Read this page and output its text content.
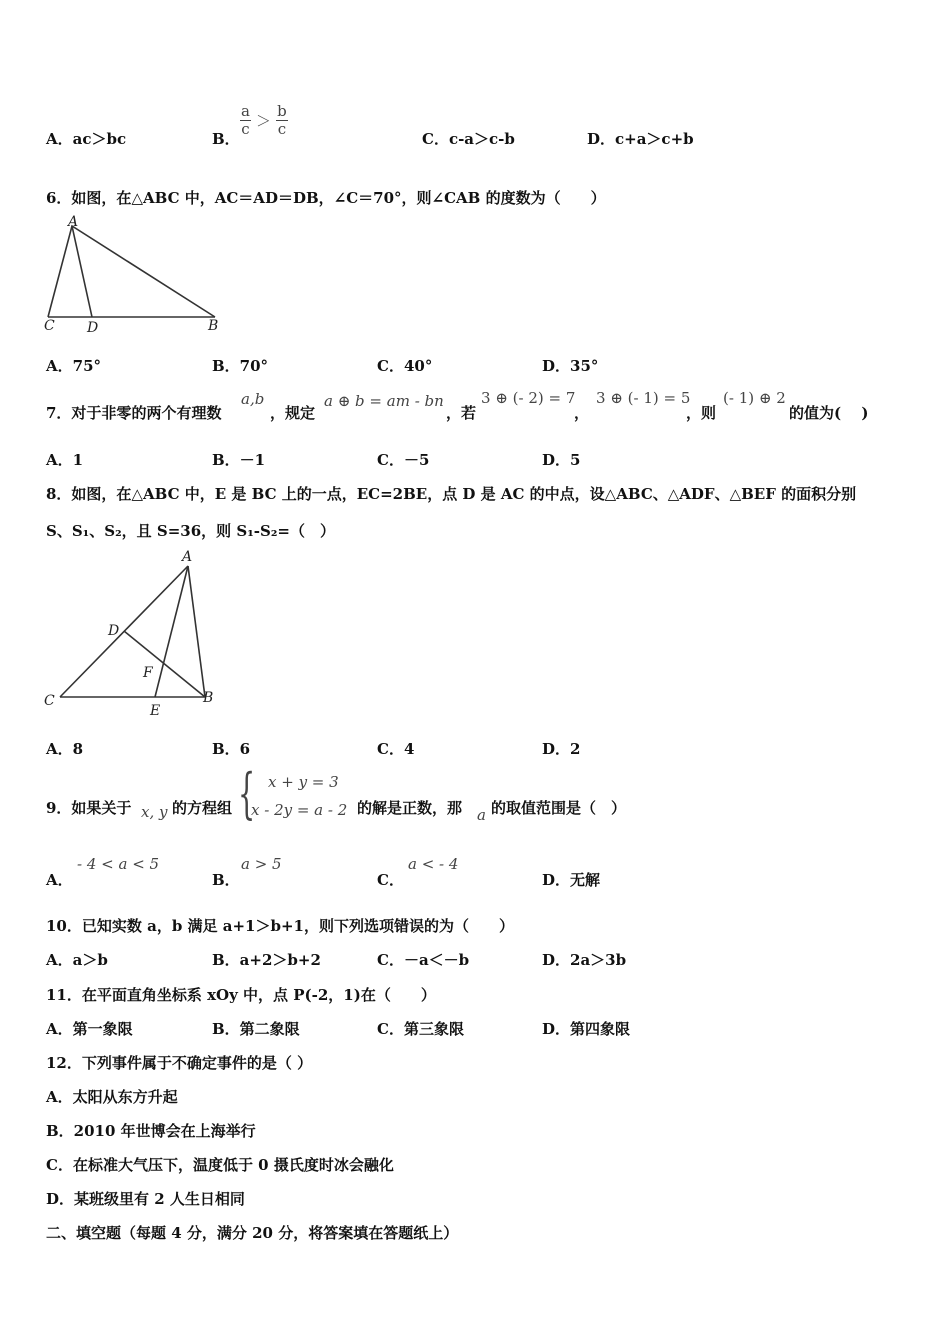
A．ac＞bc	B．	C．c-a＞c-b	D．c+a＞c+b
$\frac{a}{c} > \frac{b}{c}$
6．如图，在△ABC 中，AC＝AD＝DB，∠C＝70°，则∠CAB 的度数为（　　）
A
C D	B
A．75°	B．70°	C．40°	D．35°
7．对于非零的两个有理数
a,b
，规定
a ⊕ b = am - bn
，若
3 ⊕ (- 2) = 7
，
3 ⊕ (- 1) = 5
，则
(- 1) ⊕ 2
的值为(　 )
A．1	B．－1	C．－5	D．5
8．如图，在△ABC 中，E 是 BC 上的一点，EC=2BE，点 D 是 AC 的中点，设△ABC、△ADF、△BEF 的面积分别
S、S₁、S₂，且 S=36，则 S₁-S₂=（　）
A
D
F
C
E
B
A．8	B．6	C．4	D．2
9．如果关于 x, y 的方程组 { x + y = 3
x - 2y = a - 2 的解是正数，那 a 的取值范围是（　）
A．	B．	C．	D．无解
- 4 < a < 5	a > 5	a < - 4
10．已知实数 a，b 满足 a+1＞b+1，则下列选项错误的为（　　）
A．a＞b	B．a+2＞b+2	C．－a＜－b	D．2a＞3b
11．在平面直角坐标系 xOy 中，点 P(-2，1)在（　　）
A．第一象限	B．第二象限	C．第三象限	D．第四象限
12．下列事件属于不确定事件的是（ ）
A．太阳从东方升起
B．2010 年世博会在上海举行
C．在标准大气压下，温度低于 0 摄氏度时冰会融化
D．某班级里有 2 人生日相同
二、填空题（每题 4 分，满分 20 分，将答案填在答题纸上）
